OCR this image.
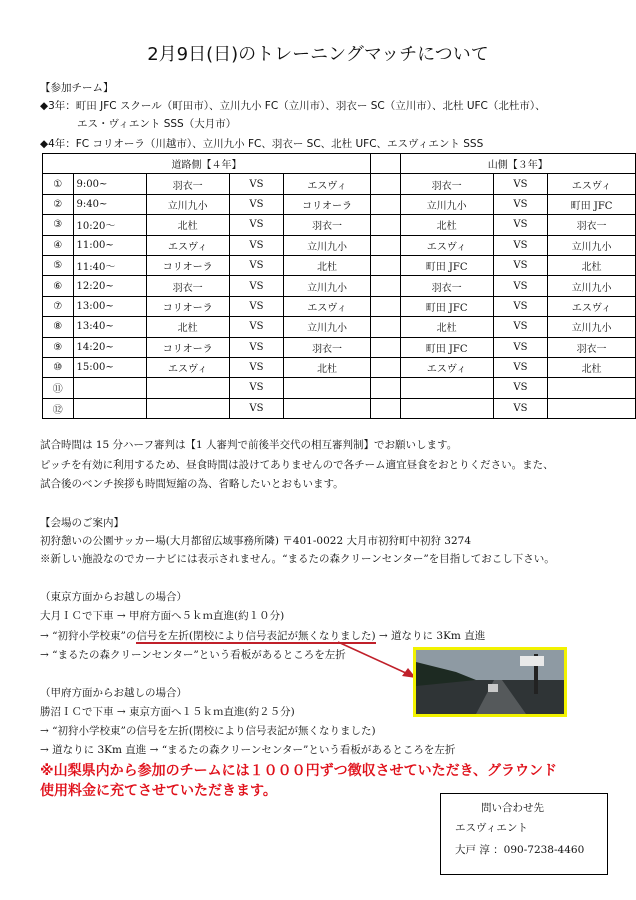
2月9日(日)のトレーニングマッチについて
【参加チーム】
◆3年：町田 JFC スクール（町田市）、立川九小 FC（立川市）、羽衣ー SC（立川市）、北杜 UFC（北杜市）、
エス・ヴィエント SSS（大月市）
◆4年：FC コリオーラ（川越市）、立川九小 FC、羽衣ー SC、北杜 UFC、エスヴィエント SSS
道路側【４年】						山側【３年】		
①	9:00~	羽衣一	VS	エスヴィ		羽衣一	VS	エスヴィ
②	9:40~	立川九小	VS	コリオーラ		立川九小	VS	町田 JFC
③	10:20～	北杜	VS	羽衣一		北杜	VS	羽衣一
④	11:00~	エスヴィ	VS	立川九小		エスヴィ	VS	立川九小
⑤	11:40～	コリオーラ	VS	北杜		町田 JFC	VS	北杜
⑥	12:20~	羽衣一	VS	立川九小		羽衣一	VS	立川九小
⑦	13:00~	コリオーラ	VS	エスヴィ		町田 JFC	VS	エスヴィ
⑧	13:40~	北杜	VS	立川九小		北杜	VS	立川九小
⑨	14:20~	コリオーラ	VS	羽衣一		町田 JFC	VS	羽衣一
⑩	15:00~	エスヴィ	VS	北杜		エスヴィ	VS	北杜
⑪			VS				VS	
⑫			VS				VS	
試合時間は 15 分ハーフ審判は【1 人審判で前後半交代の相互審判制】でお願いします。
ピッチを有効に利用するため、昼食時間は設けてありませんので各チーム適宜昼食をおとりください。また、
試合後のベンチ挨拶も時間短縮の為、省略したいとおもいます。
【会場のご案内】
初狩憩いの公園サッカー場(大月都留広域事務所隣) 〒401-0022 大月市初狩町中初狩 3274
※新しい施設なのでカーナビには表示されません。“まるたの森クリーンセンター”を目指しておこし下さい。
（東京方面からお越しの場合）
大月ＩＣで下車 → 甲府方面へ５ｋｍ直進(約１０分)
→ “初狩小学校東”の信号を左折(閉校により信号表記が無くなりました) → 道なりに 3Km 直進
→ “まるたの森クリーンセンター”という看板があるところを左折
（甲府方面からお越しの場合）
勝沼ＩＣで下車 → 東京方面へ１５ｋｍ直進(約２５分)
→ “初狩小学校東”の信号を左折(閉校により信号表記が無くなりました)
→ 道なりに 3Km 直進 → “まるたの森クリーンセンター”という看板があるところを左折
※山梨県内から参加のチームには１０００円ずつ徴収させていただき、グラウンド
使用料金に充てさせていただきます。
問い合わせ先
エスヴィエント
大戸 淳 ：090-7238-4460
